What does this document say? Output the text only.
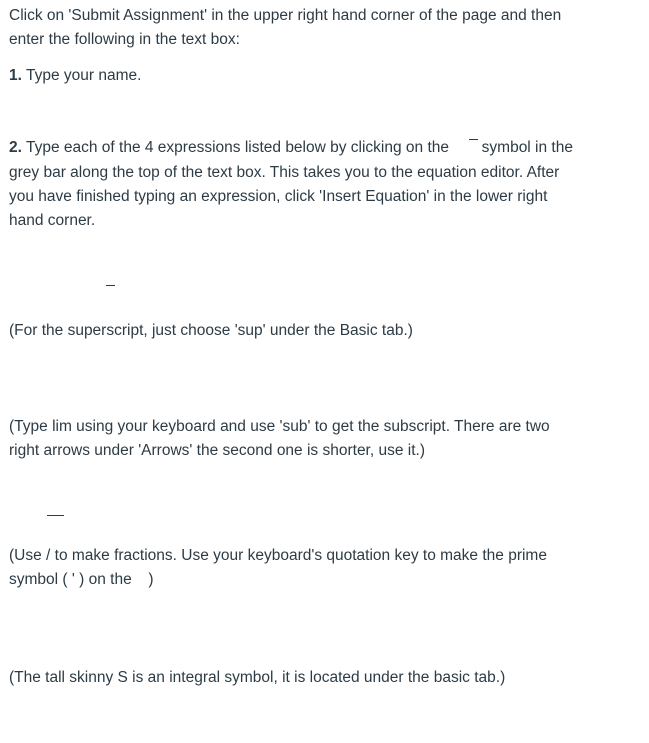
Click on 'Submit Assignment' in the upper right hand corner of the page and then
enter the following in the text box:
1. Type your name.
2. Type each of the 4 expressions listed below by clicking on the symbol in the
grey bar along the top of the text box. This takes you to the equation editor. After
you have finished typing an expression, click 'Insert Equation' in the lower right
hand corner.
(For the superscript, just choose 'sup' under the Basic tab.)
(Type lim using your keyboard and use 'sub' to get the subscript. There are two
right arrows under 'Arrows' the second one is shorter, use it.)
(Use / to make fractions. Use your keyboard's quotation key to make the prime
symbol ( ' ) on the )
(The tall skinny S is an integral symbol, it is located under the basic tab.)
